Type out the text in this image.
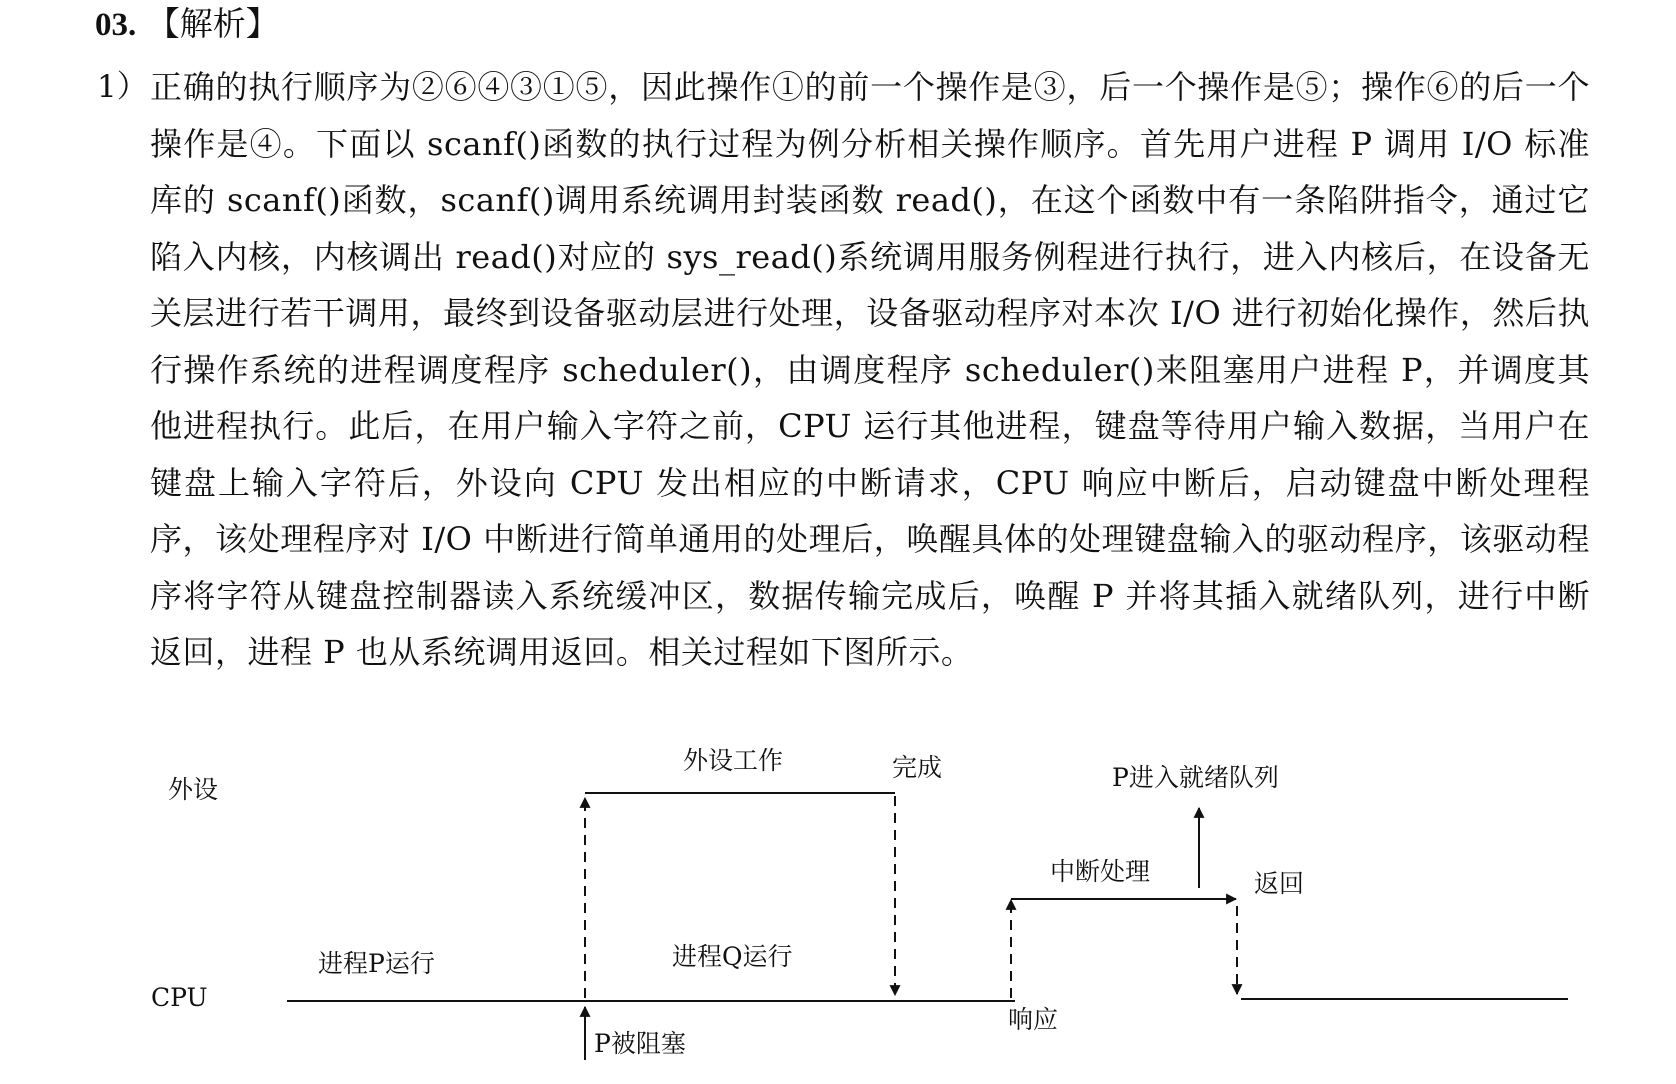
03. 【解析】
1） 正确的执行顺序为②⑥④③①⑤，因此操作①的前一个操作是③，后一个操作是⑤；操作⑥的后一个操作是④。下面以 scanf()函数的执行过程为例分析相关操作顺序。首先用户进程 P 调用 I/O 标准库的 scanf()函数，scanf()调用系统调用封装函数 read()，在这个函数中有一条陷阱指令，通过它陷入内核，内核调出 read()对应的 sys_read()系统调用服务例程进行执行，进入内核后，在设备无关层进行若干调用，最终到设备驱动层进行处理，设备驱动程序对本次 I/O 进行初始化操作，然后执行操作系统的进程调度程序 scheduler()，由调度程序 scheduler()来阻塞用户进程 P，并调度其他进程执行。此后，在用户输入字符之前，CPU 运行其他进程，键盘等待用户输入数据，当用户在键盘上输入字符后，外设向 CPU 发出相应的中断请求，CPU 响应中断后，启动键盘中断处理程序，该处理程序对 I/O 中断进行简单通用的处理后，唤醒具体的处理键盘输入的驱动程序，该驱动程序将字符从键盘控制器读入系统缓冲区，数据传输完成后，唤醒 P 并将其插入就绪队列，进行中断返回，进程 P 也从系统调用返回。相关过程如下图所示。
外设
CPU
进程P运行	进程Q运行
外设工作	完成
P被阻塞
响应
中断处理	返回
P进入就绪队列
